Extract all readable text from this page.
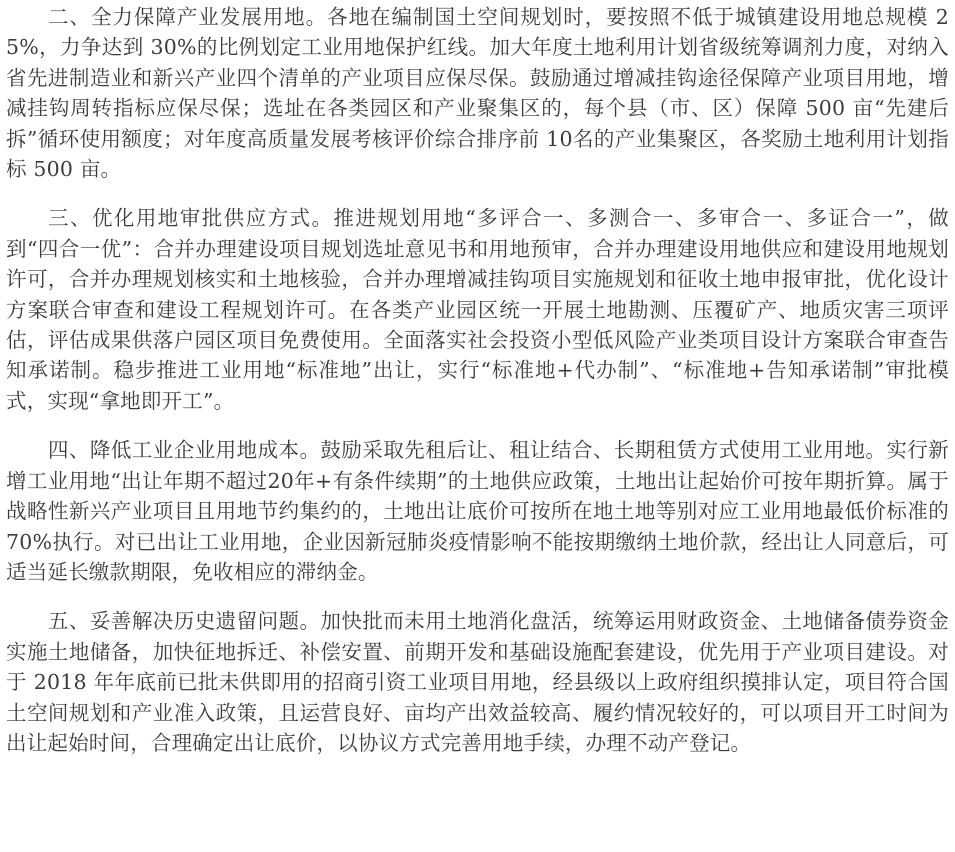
二、全力保障产业发展用地。各地在编制国土空间规划时，要按照不低于城镇建设用地总规模 25%，力争达到 30%的比例划定工业用地保护红线。加大年度土地利用计划省级统筹调剂力度，对纳入省先进制造业和新兴产业四个清单的产业项目应保尽保。鼓励通过增减挂钩途径保障产业项目用地，增减挂钩周转指标应保尽保；选址在各类园区和产业聚集区的，每个县（市、区）保障 500 亩“先建后拆”循环使用额度；对年度高质量发展考核评价综合排序前 10名的产业集聚区，各奖励土地利用计划指标 500 亩。

三、优化用地审批供应方式。推进规划用地“多评合一、多测合一、多审合一、多证合一”，做到“四合一优”：合并办理建设项目规划选址意见书和用地预审，合并办理建设用地供应和建设用地规划许可，合并办理规划核实和土地核验，合并办理增减挂钩项目实施规划和征收土地申报审批，优化设计方案联合审查和建设工程规划许可。在各类产业园区统一开展土地勘测、压覆矿产、地质灾害三项评估，评估成果供落户园区项目免费使用。全面落实社会投资小型低风险产业类项目设计方案联合审查告知承诺制。稳步推进工业用地“标准地”出让，实行“标准地+代办制”、“标准地+告知承诺制”审批模式，实现“拿地即开工”。

四、降低工业企业用地成本。鼓励采取先租后让、租让结合、长期租赁方式使用工业用地。实行新增工业用地“出让年期不超过20年+有条件续期”的土地供应政策，土地出让起始价可按年期折算。属于战略性新兴产业项目且用地节约集约的，土地出让底价可按所在地土地等别对应工业用地最低价标准的70%执行。对已出让工业用地，企业因新冠肺炎疫情影响不能按期缴纳土地价款，经出让人同意后，可适当延长缴款期限，免收相应的滞纳金。

五、妥善解决历史遗留问题。加快批而未用土地消化盘活，统筹运用财政资金、土地储备债券资金实施土地储备，加快征地拆迁、补偿安置、前期开发和基础设施配套建设，优先用于产业项目建设。对于 2018 年年底前已批未供即用的招商引资工业项目用地，经县级以上政府组织摸排认定，项目符合国土空间规划和产业准入政策，且运营良好、亩均产出效益较高、履约情况较好的，可以项目开工时间为出让起始时间，合理确定出让底价，以协议方式完善用地手续，办理不动产登记。
